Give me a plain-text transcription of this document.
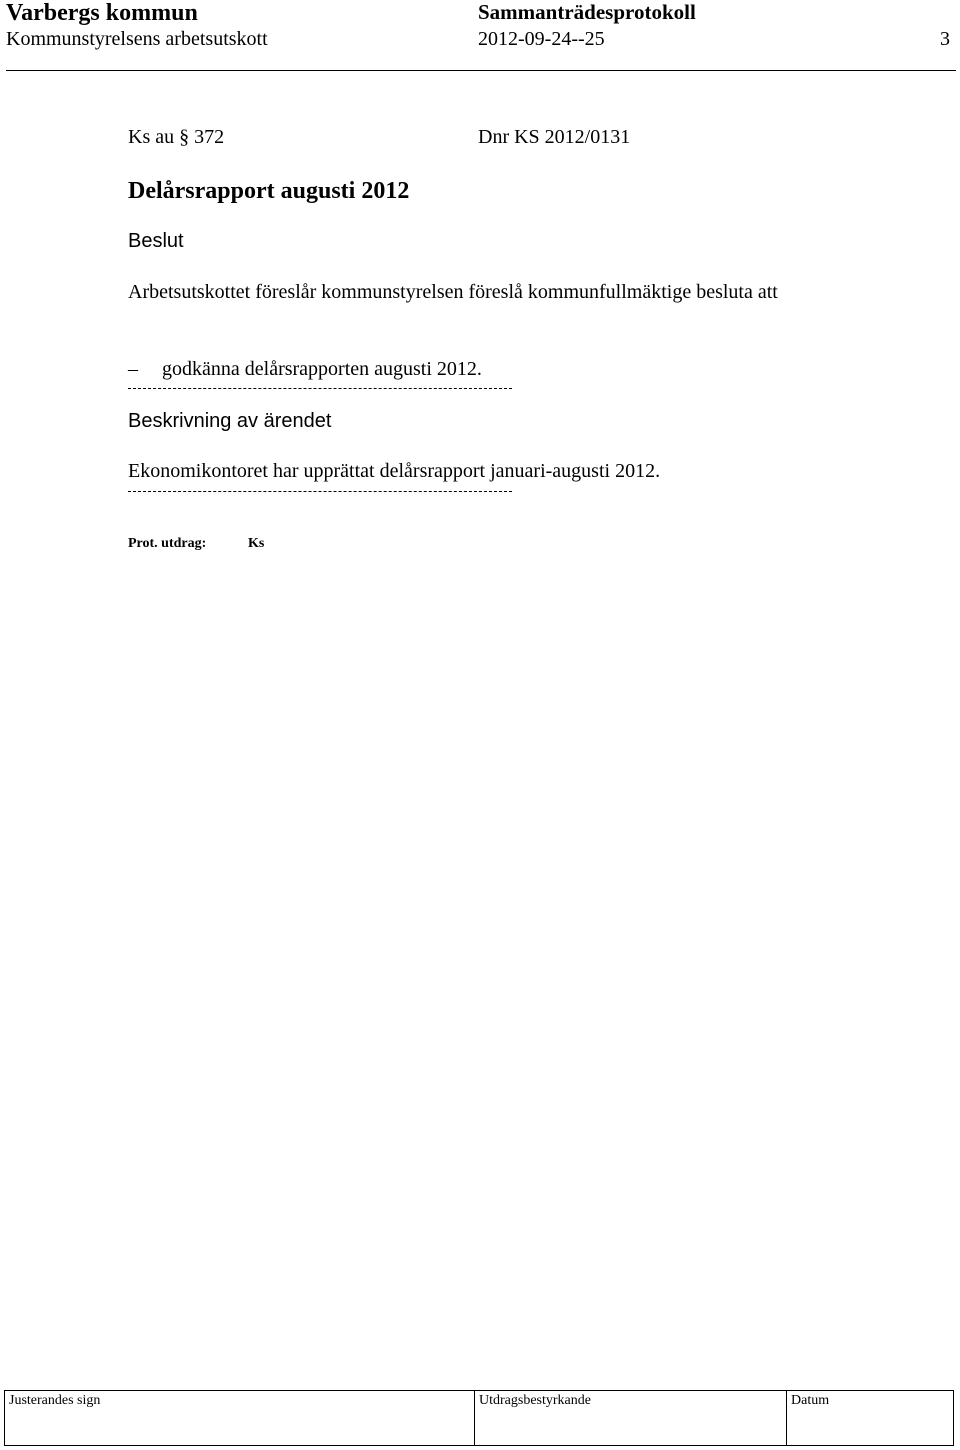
Varbergs kommun
Kommunstyrelsens arbetsutskott
Sammanträdesprotokoll
2012-09-24--25	3
Ks au § 372	Dnr KS 2012/0131
Delårsrapport augusti 2012
Beslut
Arbetsutskottet föreslår kommunstyrelsen föreslå kommunfullmäktige besluta att
– godkänna delårsrapporten augusti 2012.
Beskrivning av ärendet
Ekonomikontoret har upprättat delårsrapport januari-augusti 2012.
Prot. utdrag:	Ks
Justerandes sign	Utdragsbestyrkande	Datum
